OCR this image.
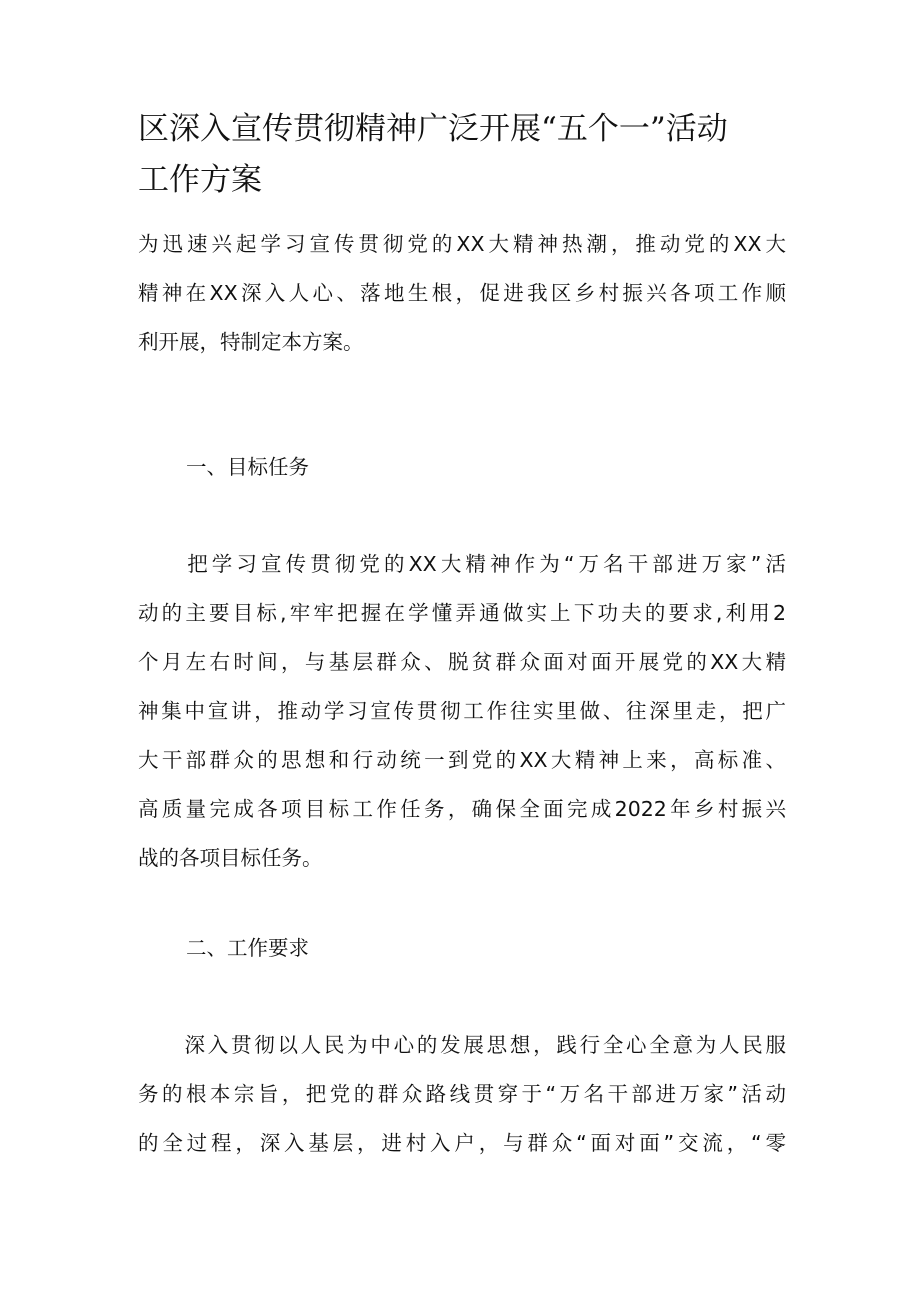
区深入宣传贯彻精神广泛开展“五个一”活动
工作方案
为迅速兴起学习宣传贯彻党的XX大精神热潮，推动党的XX大
精神在XX深入人心、落地生根，促进我区乡村振兴各项工作顺
利开展，特制定本方案。
一、目标任务
　　把学习宣传贯彻党的XX大精神作为“万名干部进万家”活
动的主要目标,牢牢把握在学懂弄通做实上下功夫的要求,利用2
个月左右时间，与基层群众、脱贫群众面对面开展党的XX大精
神集中宣讲，推动学习宣传贯彻工作往实里做、往深里走，把广
大干部群众的思想和行动统一到党的XX大精神上来，高标准、
高质量完成各项目标工作任务，确保全面完成2022年乡村振兴
战的各项目标任务。
二、工作要求
　　深入贯彻以人民为中心的发展思想，践行全心全意为人民服
务的根本宗旨，把党的群众路线贯穿于“万名干部进万家”活动
的全过程，深入基层，进村入户，与群众“面对面”交流，“零
